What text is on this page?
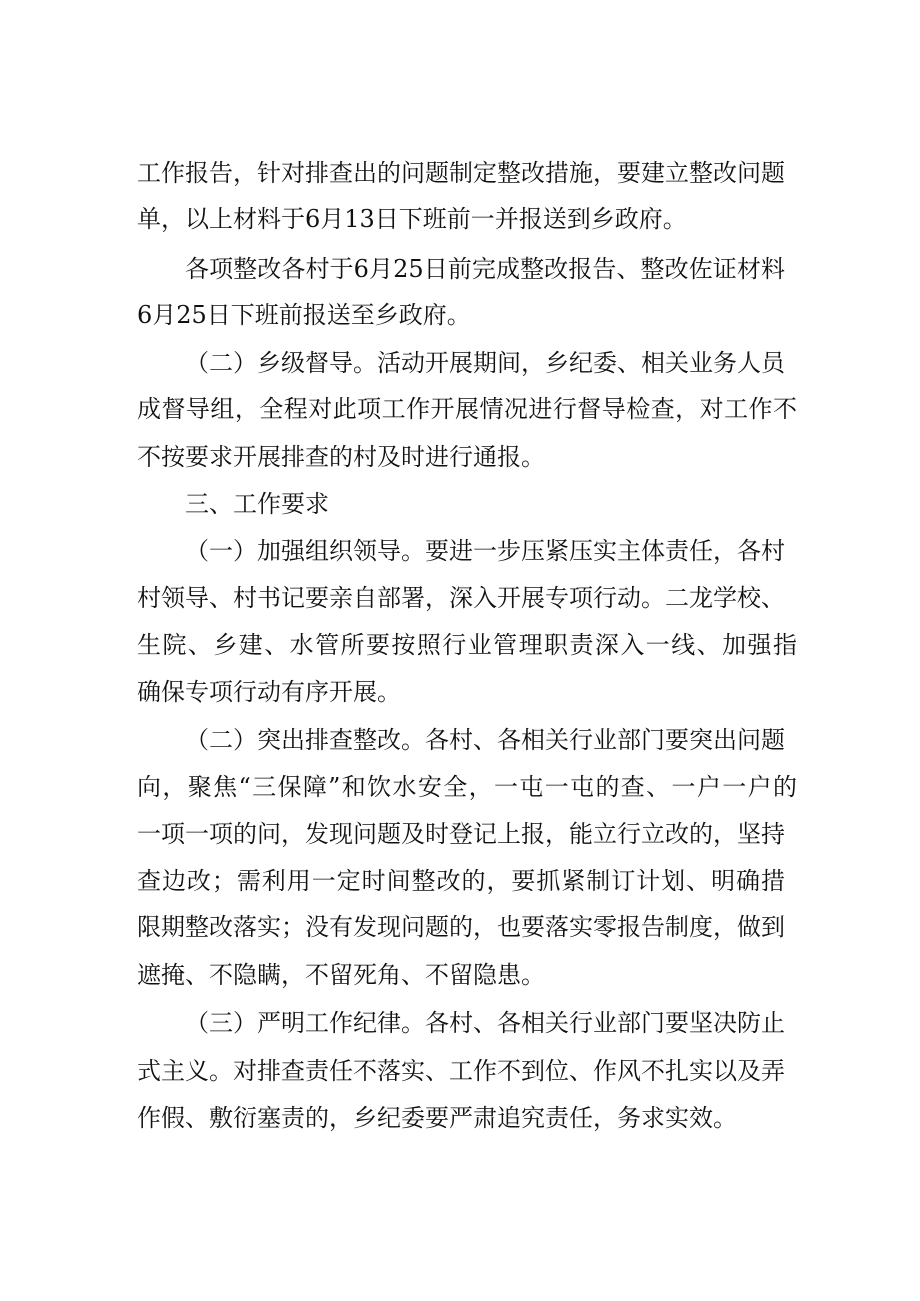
工作报告，针对排查出的问题制定整改措施，要建立整改问题
单，以上材料于6月13日下班前一并报送到乡政府。
各项整改各村于6月25日前完成整改报告、整改佐证材料
6月25日下班前报送至乡政府。
（二）乡级督导。活动开展期间，乡纪委、相关业务人员
成督导组，全程对此项工作开展情况进行督导检查，对工作不
不按要求开展排查的村及时进行通报。
三、工作要求
（一）加强组织领导。要进一步压紧压实主体责任，各村
村领导、村书记要亲自部署，深入开展专项行动。二龙学校、
生院、乡建、水管所要按照行业管理职责深入一线、加强指
确保专项行动有序开展。
（二）突出排查整改。各村、各相关行业部门要突出问题
向，聚焦“三保障”和饮水安全，一屯一屯的查、一户一户的
一项一项的问，发现问题及时登记上报，能立行立改的，坚持
查边改；需利用一定时间整改的，要抓紧制订计划、明确措
限期整改落实；没有发现问题的，也要落实零报告制度，做到
遮掩、不隐瞒，不留死角、不留隐患。
（三）严明工作纪律。各村、各相关行业部门要坚决防止
式主义。对排查责任不落实、工作不到位、作风不扎实以及弄
作假、敷衍塞责的，乡纪委要严肃追究责任，务求实效。
